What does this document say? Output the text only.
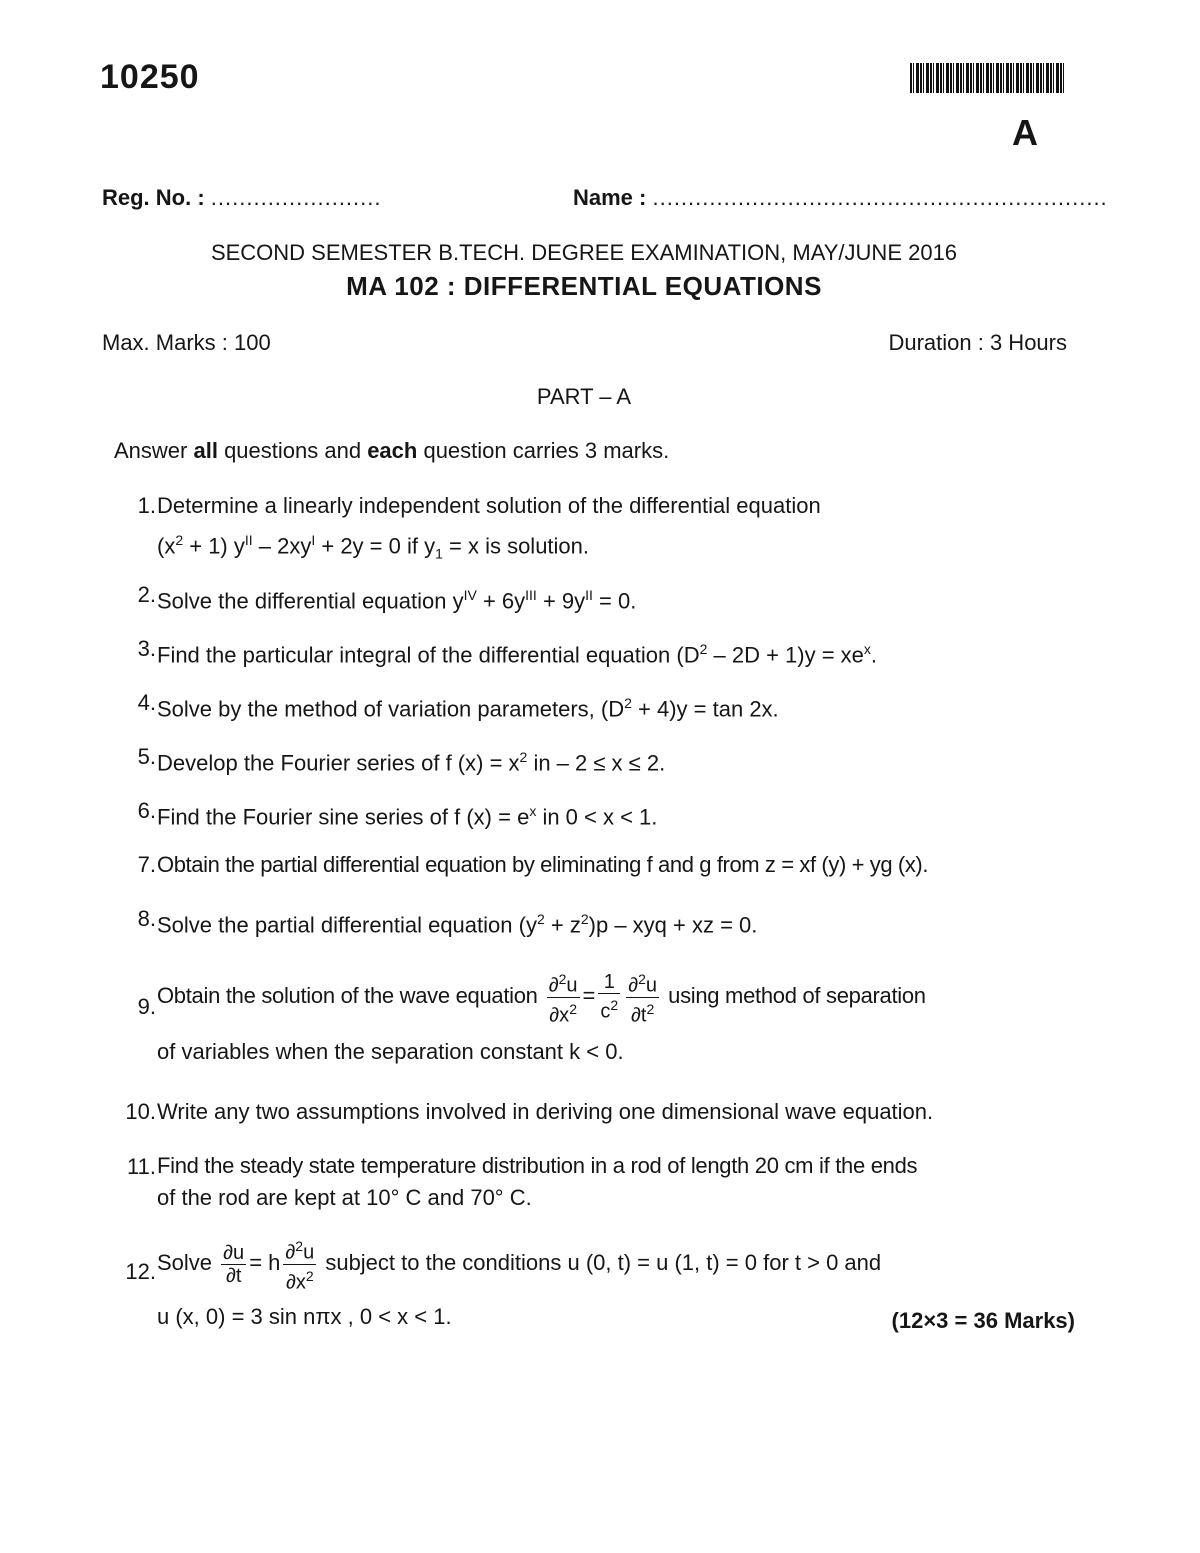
10250
A
Reg. No. : ........................	Name : ................................................................
SECOND SEMESTER B.TECH. DEGREE EXAMINATION, MAY/JUNE 2016
MA 102 : DIFFERENTIAL EQUATIONS
Max. Marks : 100	Duration : 3 Hours
PART – A
Answer all questions and each question carries 3 marks.
1. Determine a linearly independent solution of the differential equation
$(x^2 + 1)$ $y^{II} - 2xy^I + 2y = 0$ if $y_1 = x$ is solution.
2. Solve the differential equation $y^{IV} + 6y^{III} + 9y^{II} = 0$.
3. Find the particular integral of the differential equation $(D^2 - 2D + 1)y = xe^x$.
4. Solve by the method of variation parameters, $(D^2 + 4)y = \tan 2x$.
5. Develop the Fourier series of f $(x) = x^2$ in – 2 ≤ x ≤ 2.
6. Find the Fourier sine series of f $(x) = e^x$ in 0 < x < 1.
7. Obtain the partial differential equation by eliminating f and g from z = xf (y) + yg (x).
8. Solve the partial differential equation $(y^2 + z^2)p$ – xyq + xz = 0.
9. Obtain the solution of the wave equation $\frac{\partial^2u}{\partial x^2} = \frac{1}{c^2} \frac{\partial^2u}{\partial t^2}$ using method of separation
of variables when the separation constant k < 0.
10. Write any two assumptions involved in deriving one dimensional wave equation.
11. Find the steady state temperature distribution in a rod of length 20 cm if the ends
of the rod are kept at 10° C and 70° C.
12. Solve $\frac{\partial u}{\partial t} = h \frac{\partial^2u}{\partial x^2}$ subject to the conditions u (0, t) = u (1, t) = 0 for t > 0 and
u (x, 0) = 3 sin nπx , 0 < x < 1.	(12×3 = 36 Marks)
